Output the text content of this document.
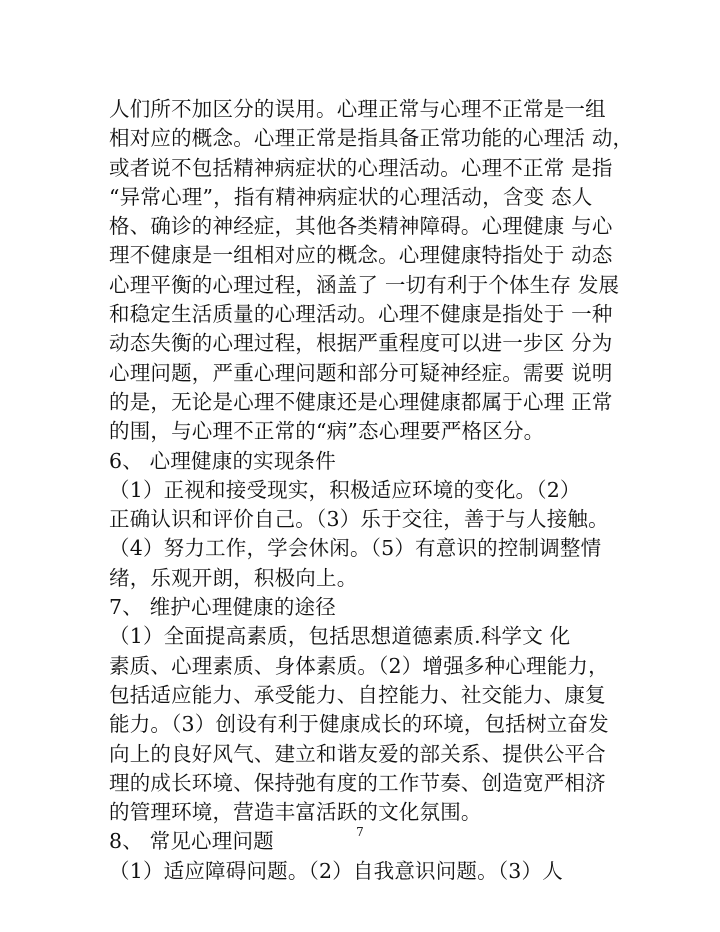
人们所不加区分的误用。心理正常与心理不正常是一组
相对应的概念。心理正常是指具备正常功能的心理活 动，
或者说不包括精神病症状的心理活动。心理不正常 是指
“异常心理”，指有精神病症状的心理活动，含变 态人
格、确诊的神经症，其他各类精神障碍。心理健康 与心
理不健康是一组相对应的概念。心理健康特指处于 动态
心理平衡的心理过程，涵盖了 一切有利于个体生存 发展
和稳定生活质量的心理活动。心理不健康是指处于 一种
动态失衡的心理过程，根据严重程度可以进一步区 分为
心理问题，严重心理问题和部分可疑神经症。需要 说明
的是，无论是心理不健康还是心理健康都属于心理 正常
的围，与心理不正常的“病”态心理要严格区分。
6、 心理健康的实现条件
（1）正视和接受现实，积极适应环境的变化。（2）
正确认识和评价自己。（3）乐于交往，善于与人接触。
（4）努力工作，学会休闲。（5）有意识的控制调整情
绪，乐观开朗，积极向上。
7、 维护心理健康的途径
（1）全面提高素质，包括思想道德素质.科学文 化
素质、心理素质、身体素质。（2）增强多种心理能力，
包括适应能力、承受能力、自控能力、社交能力、康复
能力。（3）创设有利于健康成长的环境，包括树立奋发
向上的良好风气、建立和谐友爱的部关系、提供公平合
理的成长环境、保持弛有度的工作节奏、创造宽严相济
的管理环境，营造丰富活跃的文化氛围。
8、 常见心理问题
（1）适应障碍问题。（2）自我意识问题。（3）人
7
